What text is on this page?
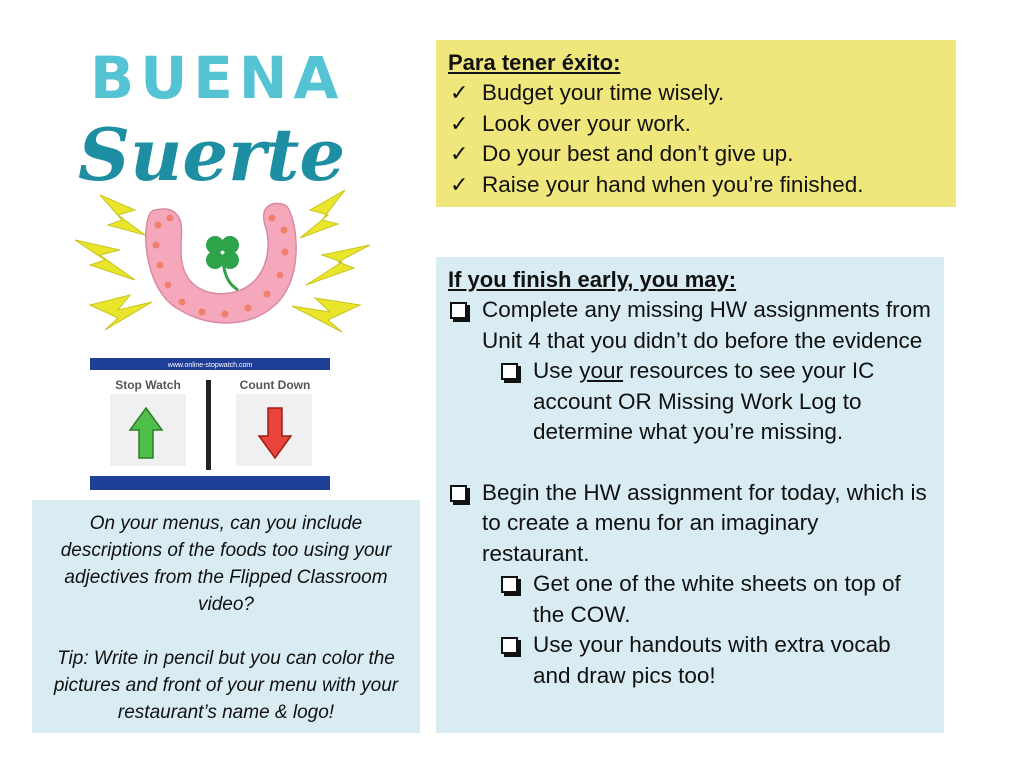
BUENA
Suerte
www.online-stopwatch.com
Stop Watch	Count Down
Para tener éxito:
✓ Budget your time wisely.
✓ Look over your work.
✓ Do your best and don’t give up.
✓ Raise your hand when you’re finished.
If you finish early, you may:
Complete any missing HW assignments from Unit 4 that you didn’t do before the evidence
Use your resources to see your IC account OR Missing Work Log to determine what you’re missing.
Begin the HW assignment for today, which is to create a menu for an imaginary restaurant.
Get one of the white sheets on top of the COW.
Use your handouts with extra vocab and draw pics too!
On your menus, can you include descriptions of the foods too using your adjectives from the Flipped Classroom video?
Tip: Write in pencil but you can color the pictures and front of your menu with your restaurant’s name & logo!
